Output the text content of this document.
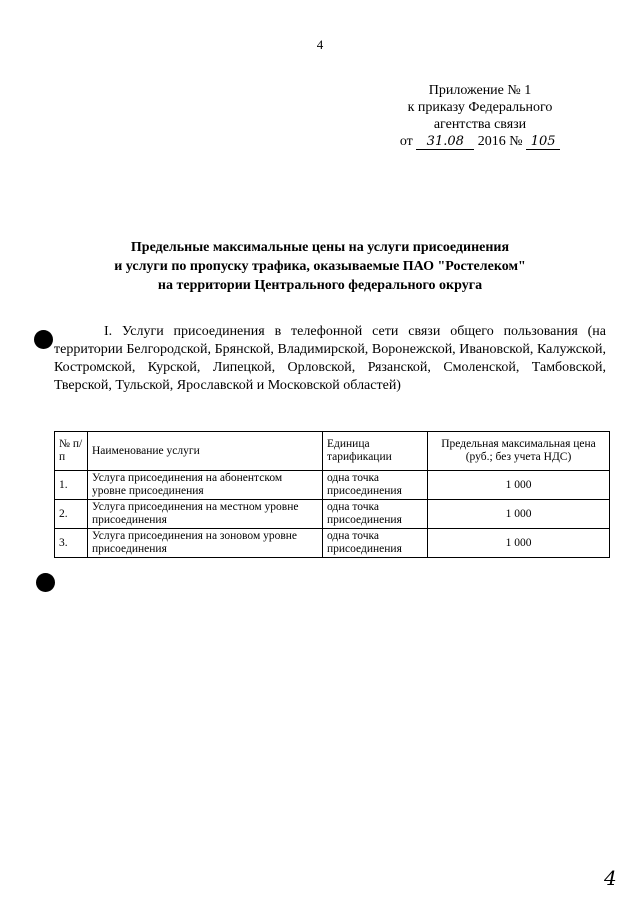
4
Приложение № 1
к приказу Федерального
агентства связи
от 31.08 2016 № 105
Предельные максимальные цены на услуги присоединения
и услуги по пропуску трафика, оказываемые ПАО "Ростелеком"
на территории Центрального федерального округа
I. Услуги присоединения в телефонной сети связи общего пользования (на территории Белгородской, Брянской, Владимирской, Воронежской, Ивановской, Калужской, Костромской, Курской, Липецкой, Орловской, Рязанской, Смоленской, Тамбовской, Тверской, Тульской, Ярославской и Московской областей)
№ п/п	Наименование услуги	Единица тарификации	Предельная максимальная цена (руб.; без учета НДС)
1.	Услуга присоединения на абонентском уровне присоединения	одна точка присоединения	1 000
2.	Услуга присоединения на местном уровне присоединения	одна точка присоединения	1 000
3.	Услуга присоединения на зоновом уровне присоединения	одна точка присоединения	1 000
4
